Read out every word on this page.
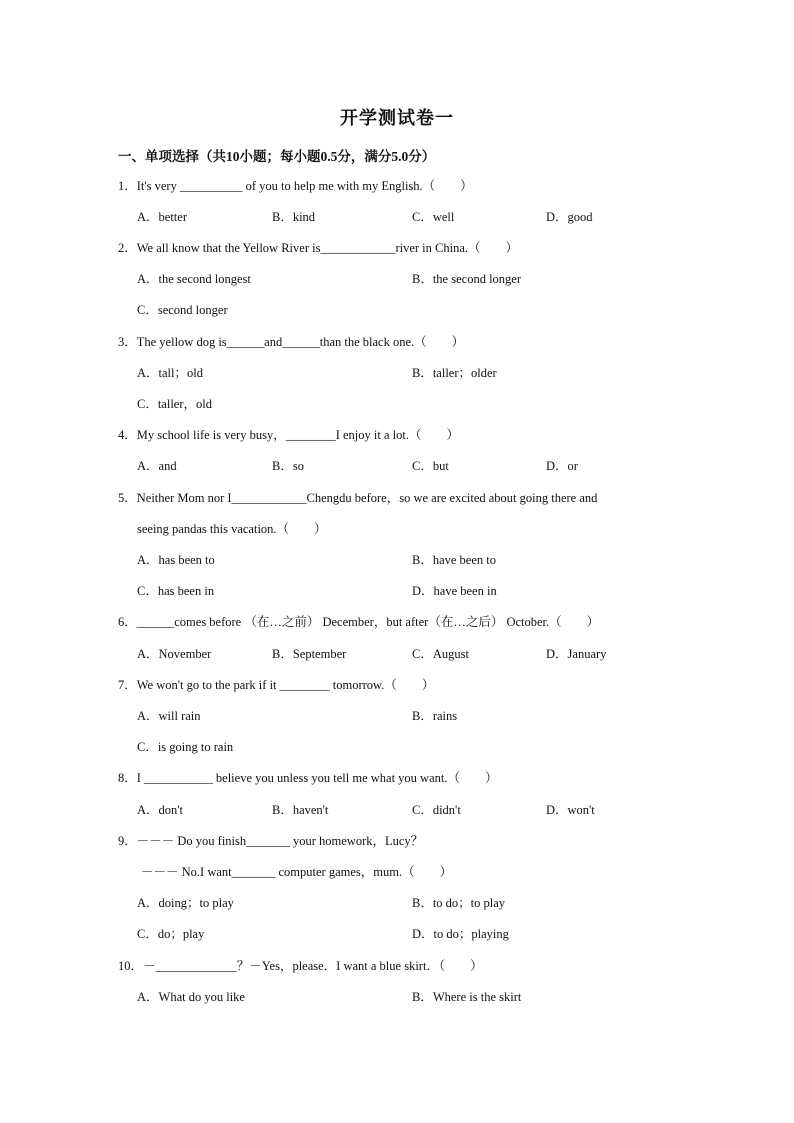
开学测试卷一
一、单项选择（共10小题；每小题0.5分，满分5.0分）
1．It's very __________ of you to help me with my English.（　　）
A．better	B．kind	C．well	D．good
2．We all know that the Yellow River is____________river in China.（　　）
A．the second longest	B．the second longer
C．second longer
3．The yellow dog is______and______than the black one.（　　）
A．tall；old	B．taller；older
C．taller，old
4．My school life is very busy，________I enjoy it a lot.（　　）
A．and	B．so	C．but	D．or
5．Neither Mom nor I____________Chengdu before，so we are excited about going there and
seeing pandas this vacation.（　　）
A．has been to	B．have been to
C．has been in	D．have been in
6．______comes before （在…之前） December，but after（在…之后） October.（　　）
A．November	B．September	C．August	D．January
7．We won't go to the park if it ________ tomorrow.（　　）
A．will rain	B．rains
C．is going to rain
8．I ___________ believe you unless you tell me what you want.（　　）
A．don't	B．haven't	C．didn't	D．won't
9．－－－ Do you finish_______ your homework，Lucy？
－－－ No.I want_______ computer games，mum.（　　）
A．doing；to play	B．to do；to play
C．do；play	D．to do；playing
10．－_____________？－Yes，please．I want a blue skirt．（　　）
A．What do you like	B．Where is the skirt
